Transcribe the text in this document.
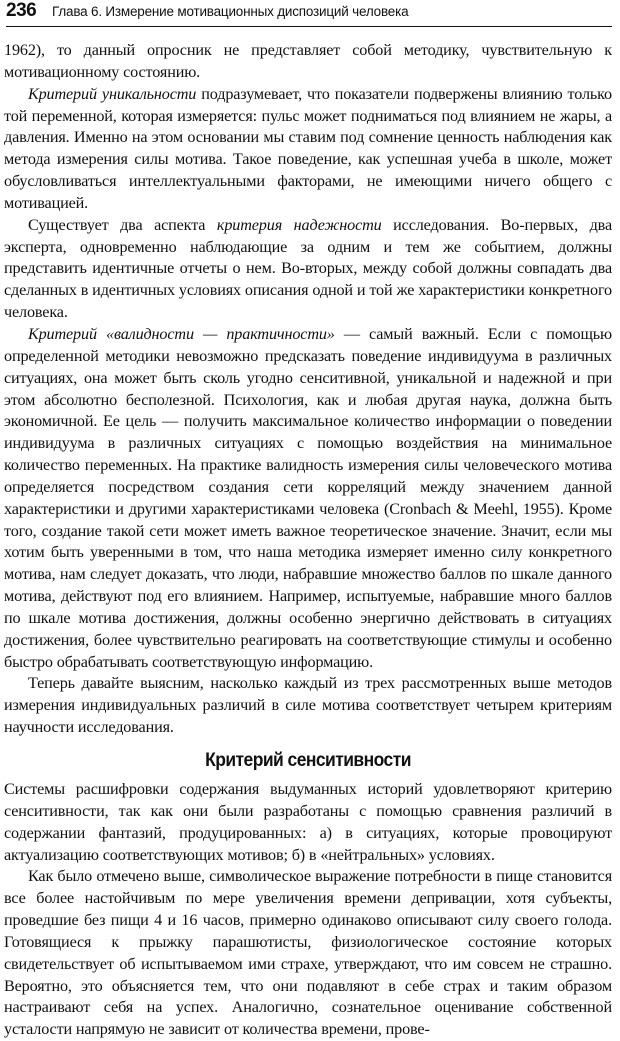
236 Глава 6. Измерение мотивационных диспозиций человека

1962), то данный опросник не представляет собой методику, чувствительную к мотивационному состоянию.

Критерий уникальности подразумевает, что показатели подвержены влиянию только той переменной, которая измеряется: пульс может подниматься под влиянием не жары, а давления. Именно на этом основании мы ставим под сомнение ценность наблюдения как метода измерения силы мотива. Такое поведение, как успешная учеба в школе, может обусловливаться интеллектуальными факторами, не имеющими ничего общего с мотивацией.

Существует два аспекта критерия надежности исследования. Во-первых, два эксперта, одновременно наблюдающие за одним и тем же событием, должны представить идентичные отчеты о нем. Во-вторых, между собой должны совпадать два сделанных в идентичных условиях описания одной и той же характеристики конкретного человека.

Критерий «валидности — практичности» — самый важный. Если с помощью определенной методики невозможно предсказать поведение индивидуума в различных ситуациях, она может быть сколь угодно сенситивной, уникальной и надежной и при этом абсолютно бесполезной. Психология, как и любая другая наука, должна быть экономичной. Ее цель — получить максимальное количество информации о поведении индивидуума в различных ситуациях с помощью воздействия на минимальное количество переменных. На практике валидность измерения силы человеческого мотива определяется посредством создания сети корреляций между значением данной характеристики и другими характеристиками человека (Cronbach & Meehl, 1955). Кроме того, создание такой сети может иметь важное теоретическое значение. Значит, если мы хотим быть уверенными в том, что наша методика измеряет именно силу конкретного мотива, нам следует доказать, что люди, набравшие множество баллов по шкале данного мотива, действуют под его влиянием. Например, испытуемые, набравшие много баллов по шкале мотива достижения, должны особенно энергично действовать в ситуациях достижения, более чувствительно реагировать на соответствующие стимулы и особенно быстро обрабатывать соответствующую информацию.

Теперь давайте выясним, насколько каждый из трех рассмотренных выше методов измерения индивидуальных различий в силе мотива соответствует четырем критериям научности исследования.

Критерий сенситивности

Системы расшифровки содержания выдуманных историй удовлетворяют критерию сенситивности, так как они были разработаны с помощью сравнения различий в содержании фантазий, продуцированных: а) в ситуациях, которые провоцируют актуализацию соответствующих мотивов; б) в «нейтральных» условиях.

Как было отмечено выше, символическое выражение потребности в пище становится все более настойчивым по мере увеличения времени депривации, хотя субъекты, проведшие без пищи 4 и 16 часов, примерно одинаково описывают силу своего голода. Готовящиеся к прыжку парашютисты, физиологическое состояние которых свидетельствует об испытываемом ими страхе, утверждают, что им совсем не страшно. Вероятно, это объясняется тем, что они подавляют в себе страх и таким образом настраивают себя на успех. Аналогично, сознательное оценивание собственной усталости напрямую не зависит от количества времени, прове-
